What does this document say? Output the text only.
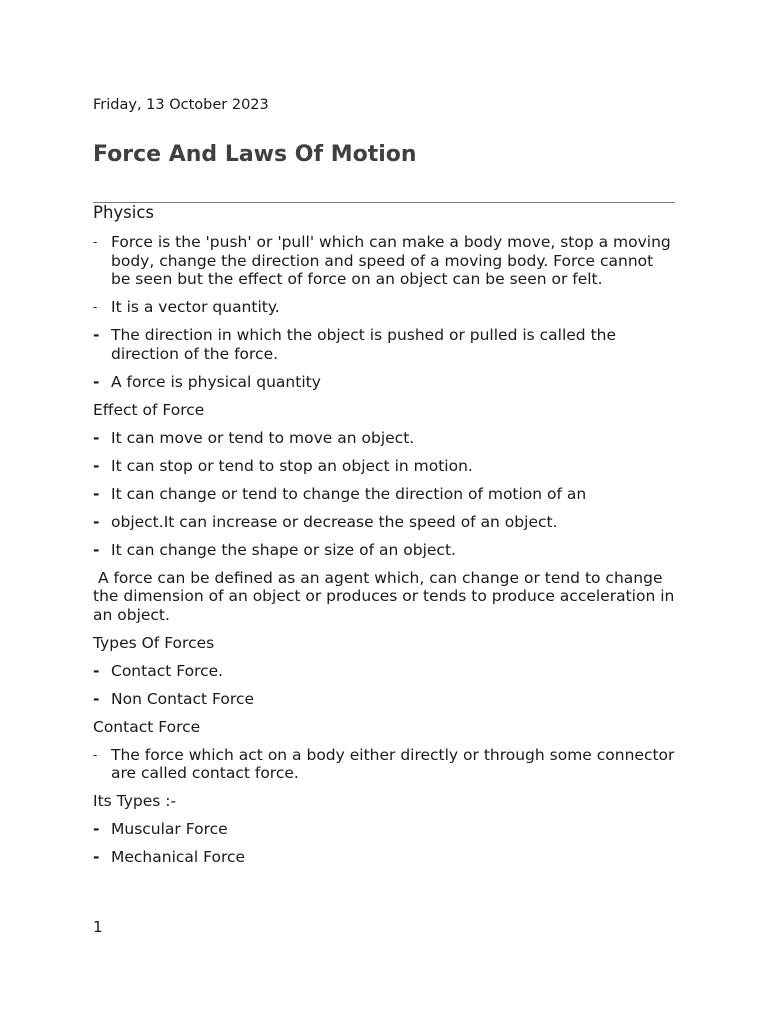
Friday, 13 October 2023
Force And Laws Of Motion
Physics
- Force is the 'push' or 'pull' which can make a body move, stop a moving body, change the direction and speed of a moving body. Force cannot be seen but the effect of force on an object can be seen or felt.
- It is a vector quantity.
- The direction in which the object is pushed or pulled is called the direction of the force.
- A force is physical quantity
Effect of Force
- It can move or tend to move an object.
- It can stop or tend to stop an object in motion.
- It can change or tend to change the direction of motion of an
- object.It can increase or decrease the speed of an object.
- It can change the shape or size of an object.
A force can be defined as an agent which, can change or tend to change the dimension of an object or produces or tends to produce acceleration in an object.
Types Of Forces
- Contact Force.
- Non Contact Force
Contact Force
- The force which act on a body either directly or through some connector are called contact force.
Its Types :-
- Muscular Force
- Mechanical Force
1
